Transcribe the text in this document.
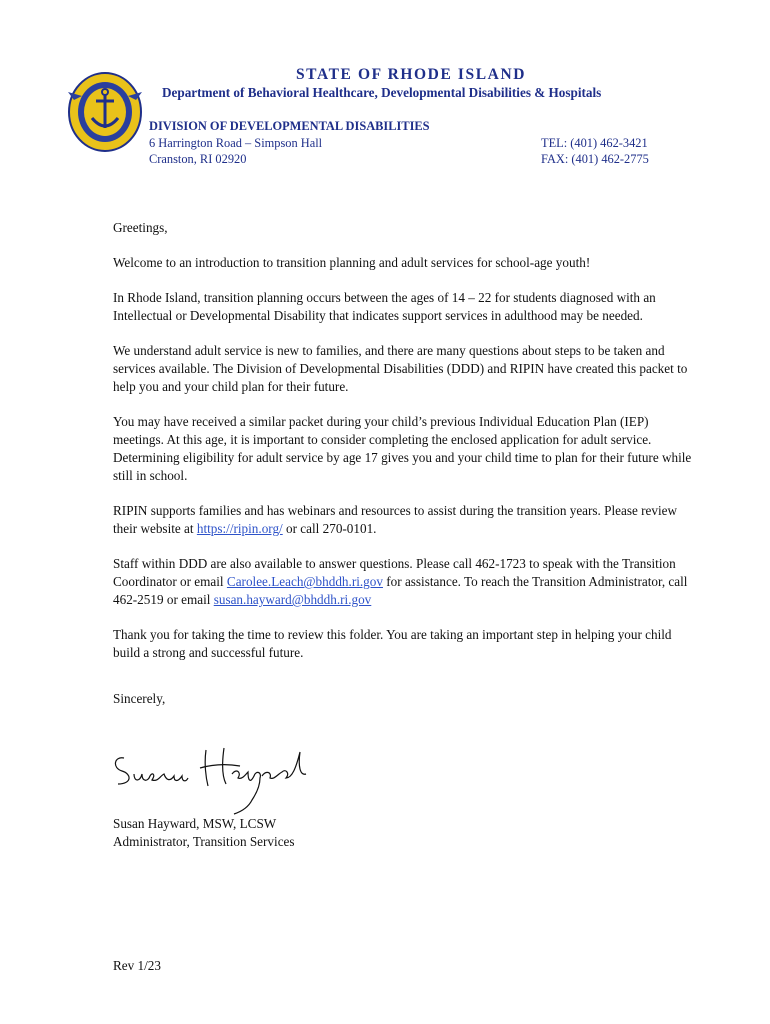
STATE OF RHODE ISLAND
Department of Behavioral Healthcare, Developmental Disabilities & Hospitals
DIVISION OF DEVELOPMENTAL DISABILITIES
6 Harrington Road – Simpson Hall
Cranston, RI 02920
TEL: (401) 462-3421
FAX: (401) 462-2775

Greetings,

Welcome to an introduction to transition planning and adult services for school-age youth!

In Rhode Island, transition planning occurs between the ages of 14 – 22 for students diagnosed with an Intellectual or Developmental Disability that indicates support services in adulthood may be needed.

We understand adult service is new to families, and there are many questions about steps to be taken and services available. The Division of Developmental Disabilities (DDD) and RIPIN have created this packet to help you and your child plan for their future.

You may have received a similar packet during your child’s previous Individual Education Plan (IEP) meetings. At this age, it is important to consider completing the enclosed application for adult service. Determining eligibility for adult service by age 17 gives you and your child time to plan for their future while still in school.

RIPIN supports families and has webinars and resources to assist during the transition years. Please review their website at https://ripin.org/ or call 270-0101.

Staff within DDD are also available to answer questions. Please call 462-1723 to speak with the Transition Coordinator or email Carolee.Leach@bhddh.ri.gov for assistance. To reach the Transition Administrator, call 462-2519 or email susan.hayward@bhddh.ri.gov

Thank you for taking the time to review this folder. You are taking an important step in helping your child build a strong and successful future.

Sincerely,

Susan Hayward, MSW, LCSW
Administrator, Transition Services
Rev 1/23
